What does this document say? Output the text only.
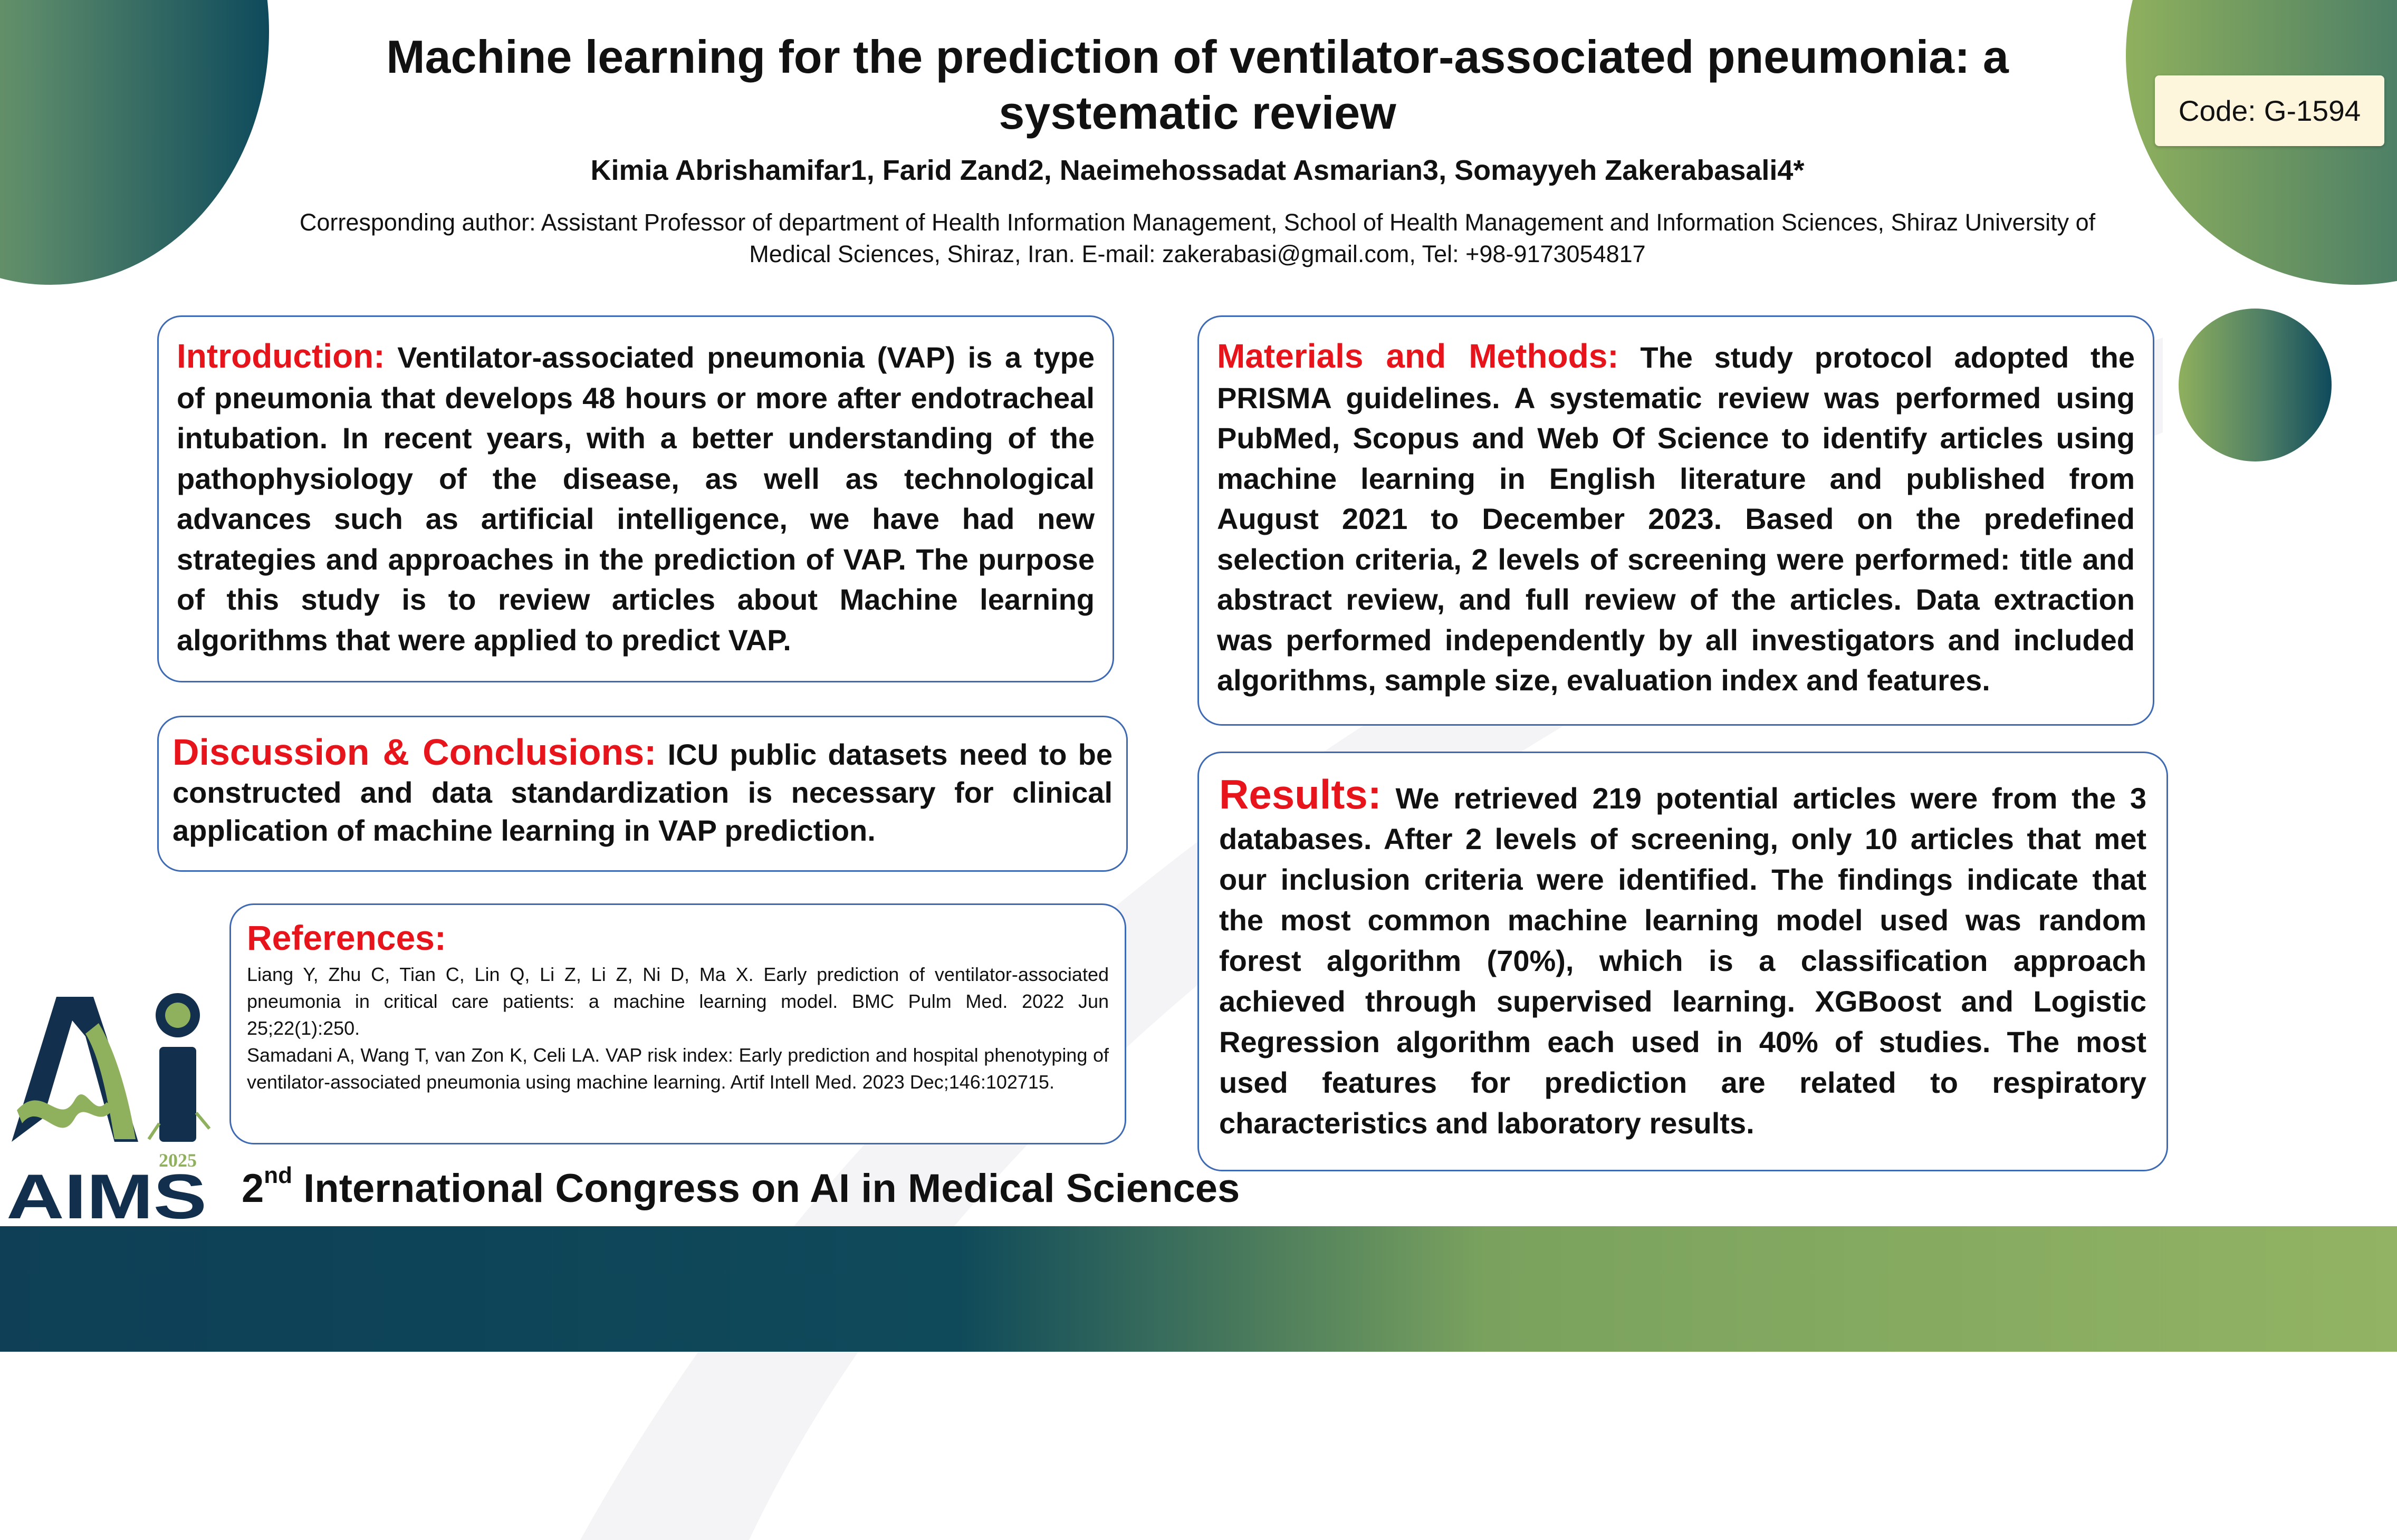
Machine learning for the prediction of ventilator-associated pneumonia: a systematic review
Kimia Abrishamifar1, Farid Zand2, Naeimehossadat Asmarian3, Somayyeh Zakerabasali4*
Corresponding author: Assistant Professor of department of Health Information Management, School of Health Management and Information Sciences, Shiraz University of Medical Sciences, Shiraz, Iran. E-mail: zakerabasi@gmail.com, Tel: +98-9173054817
Code: G-1594

Introduction: Ventilator-associated pneumonia (VAP) is a type of pneumonia that develops 48 hours or more after endotracheal intubation. In recent years, with a better understanding of the pathophysiology of the disease, as well as technological advances such as artificial intelligence, we have had new strategies and approaches in the prediction of VAP. The purpose of this study is to review articles about Machine learning algorithms that were applied to predict VAP.

Materials and Methods: The study protocol adopted the PRISMA guidelines. A systematic review was performed using PubMed, Scopus and Web Of Science to identify articles using machine learning in English literature and published from August 2021 to December 2023. Based on the predefined selection criteria, 2 levels of screening were performed: title and abstract review, and full review of the articles. Data extraction was performed independently by all investigators and included algorithms, sample size, evaluation index and features.

Discussion & Conclusions: ICU public datasets need to be constructed and data standardization is necessary for clinical application of machine learning in VAP prediction.

Results: We retrieved 219 potential articles were from the 3 databases. After 2 levels of screening, only 10 articles that met our inclusion criteria were identified. The findings indicate that the most common machine learning model used was random forest algorithm (70%), which is a classification approach achieved through supervised learning. XGBoost and Logistic Regression algorithm each used in 40% of studies. The most used features for prediction are related to respiratory characteristics and laboratory results.

References:

Liang Y, Zhu C, Tian C, Lin Q, Li Z, Li Z, Ni D, Ma X. Early prediction of ventilator-associated pneumonia in critical care patients: a machine learning model. BMC Pulm Med. 2022 Jun 25;22(1):250.

Samadani A, Wang T, van Zon K, Celi LA. VAP risk index: Early prediction and hospital phenotyping of ventilator-associated pneumonia using machine learning. Artif Intell Med. 2023 Dec;146:102715.

2025
AIMS 2nd International Congress on AI in Medical Sciences
